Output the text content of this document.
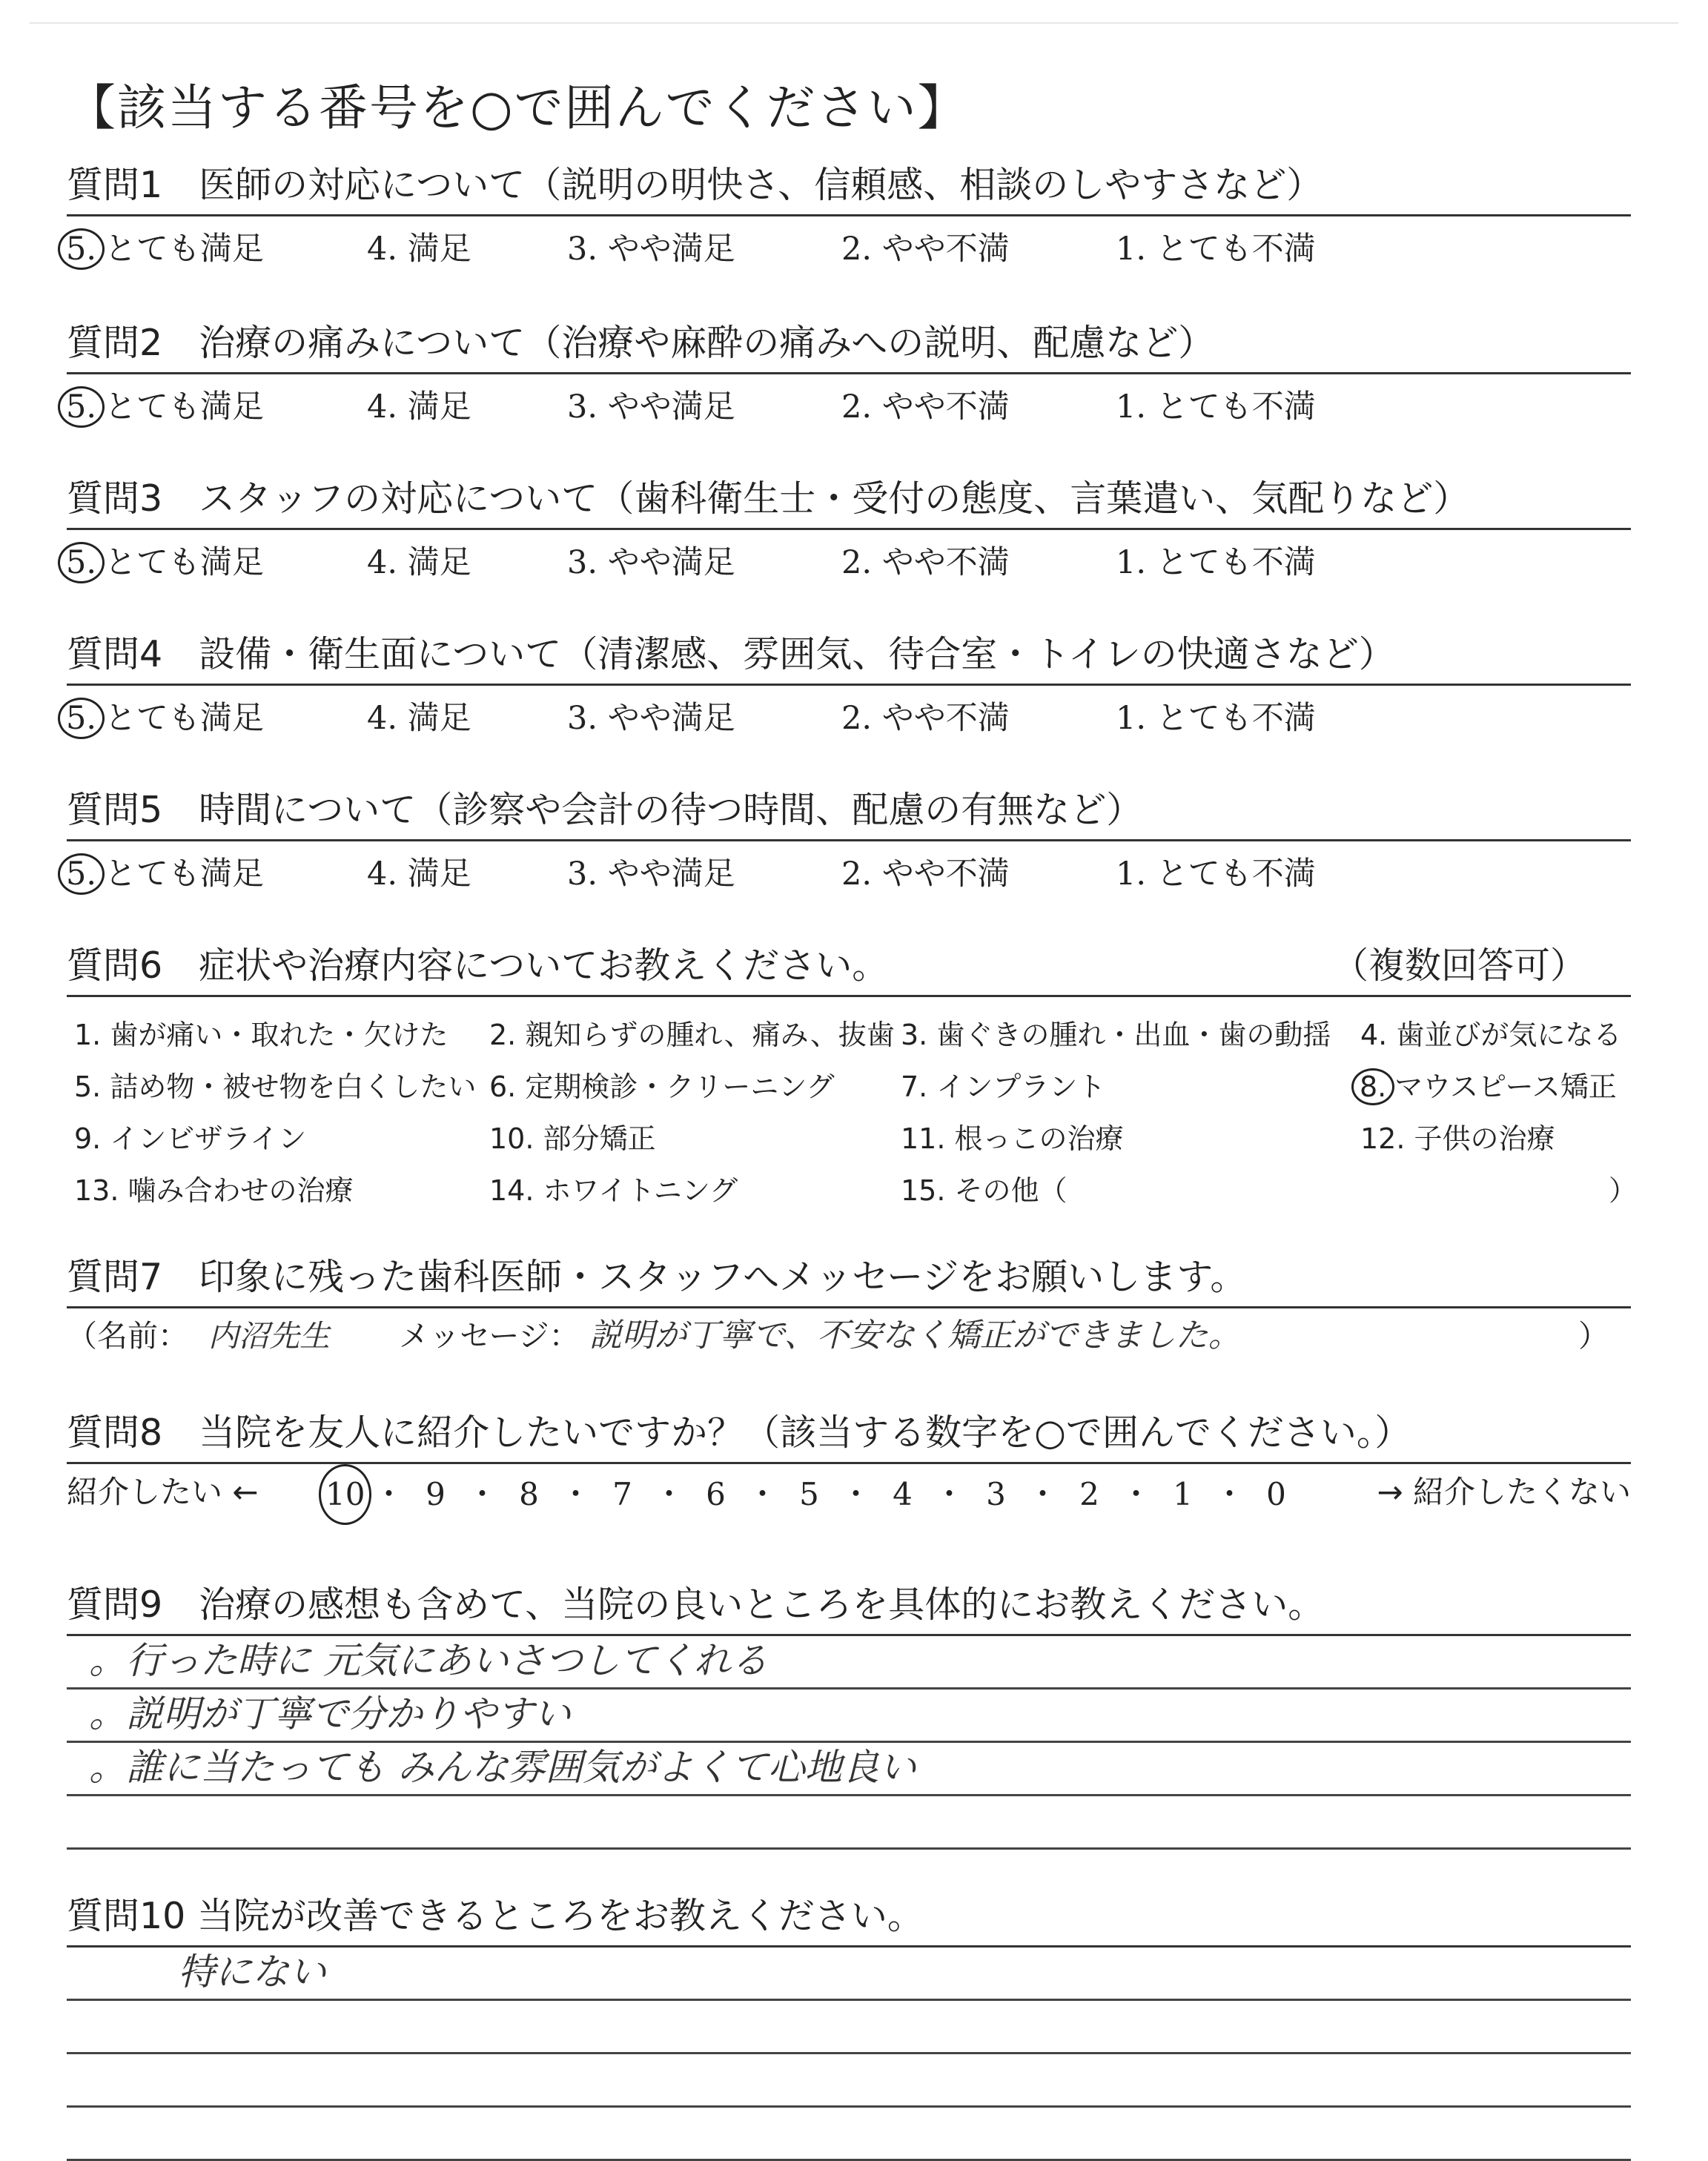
【該当する番号を○で囲んでください】
質問1　医師の対応について（説明の明快さ、信頼感、相談のしやすさなど）
5. とても満足	4. 満足	3. やや満足	2. やや不満	1. とても不満
質問2　治療の痛みについて（治療や麻酔の痛みへの説明、配慮など）
5. とても満足	4. 満足	3. やや満足	2. やや不満	1. とても不満
質問3　スタッフの対応について（歯科衛生士・受付の態度、言葉遣い、気配りなど）
5. とても満足	4. 満足	3. やや満足	2. やや不満	1. とても不満
質問4　設備・衛生面について（清潔感、雰囲気、待合室・トイレの快適さなど）
5. とても満足	4. 満足	3. やや満足	2. やや不満	1. とても不満
質問5　時間について（診察や会計の待つ時間、配慮の有無など）
5. とても満足	4. 満足	3. やや満足	2. やや不満	1. とても不満
質問6　症状や治療内容についてお教えください。	（複数回答可）
1. 歯が痛い・取れた・欠けた 2. 親知らずの腫れ、痛み、抜歯 3. 歯ぐきの腫れ・出血・歯の動揺 4. 歯並びが気になる
5. 詰め物・被せ物を白くしたい 6. 定期検診・クリーニング 7. インプラント	8. マウスピース矯正
9. インビザライン	10. 部分矯正	11. 根っこの治療	12. 子供の治療
13. 噛み合わせの治療	14. ホワイトニング	15. その他（	）
質問7　印象に残った歯科医師・スタッフへメッセージをお願いします。
（名前： 内沼先生 メッセージ： 説明が丁寧で、不安なく矯正ができました。	）
質問8　当院を友人に紹介したいですか？（該当する数字を○で囲んでください。）
紹介したい ← 10 ・ 9 ・ 8 ・ 7 ・ 6 ・ 5 ・ 4 ・ 3 ・ 2 ・ 1 ・ 0	→ 紹介したくない
質問9　治療の感想も含めて、当院の良いところを具体的にお教えください。
。行った時に 元気にあいさつしてくれる
。説明が丁寧で分かりやすい
。誰に当たっても みんな雰囲気がよくて心地良い
質問10 当院が改善できるところをお教えください。
特にない
